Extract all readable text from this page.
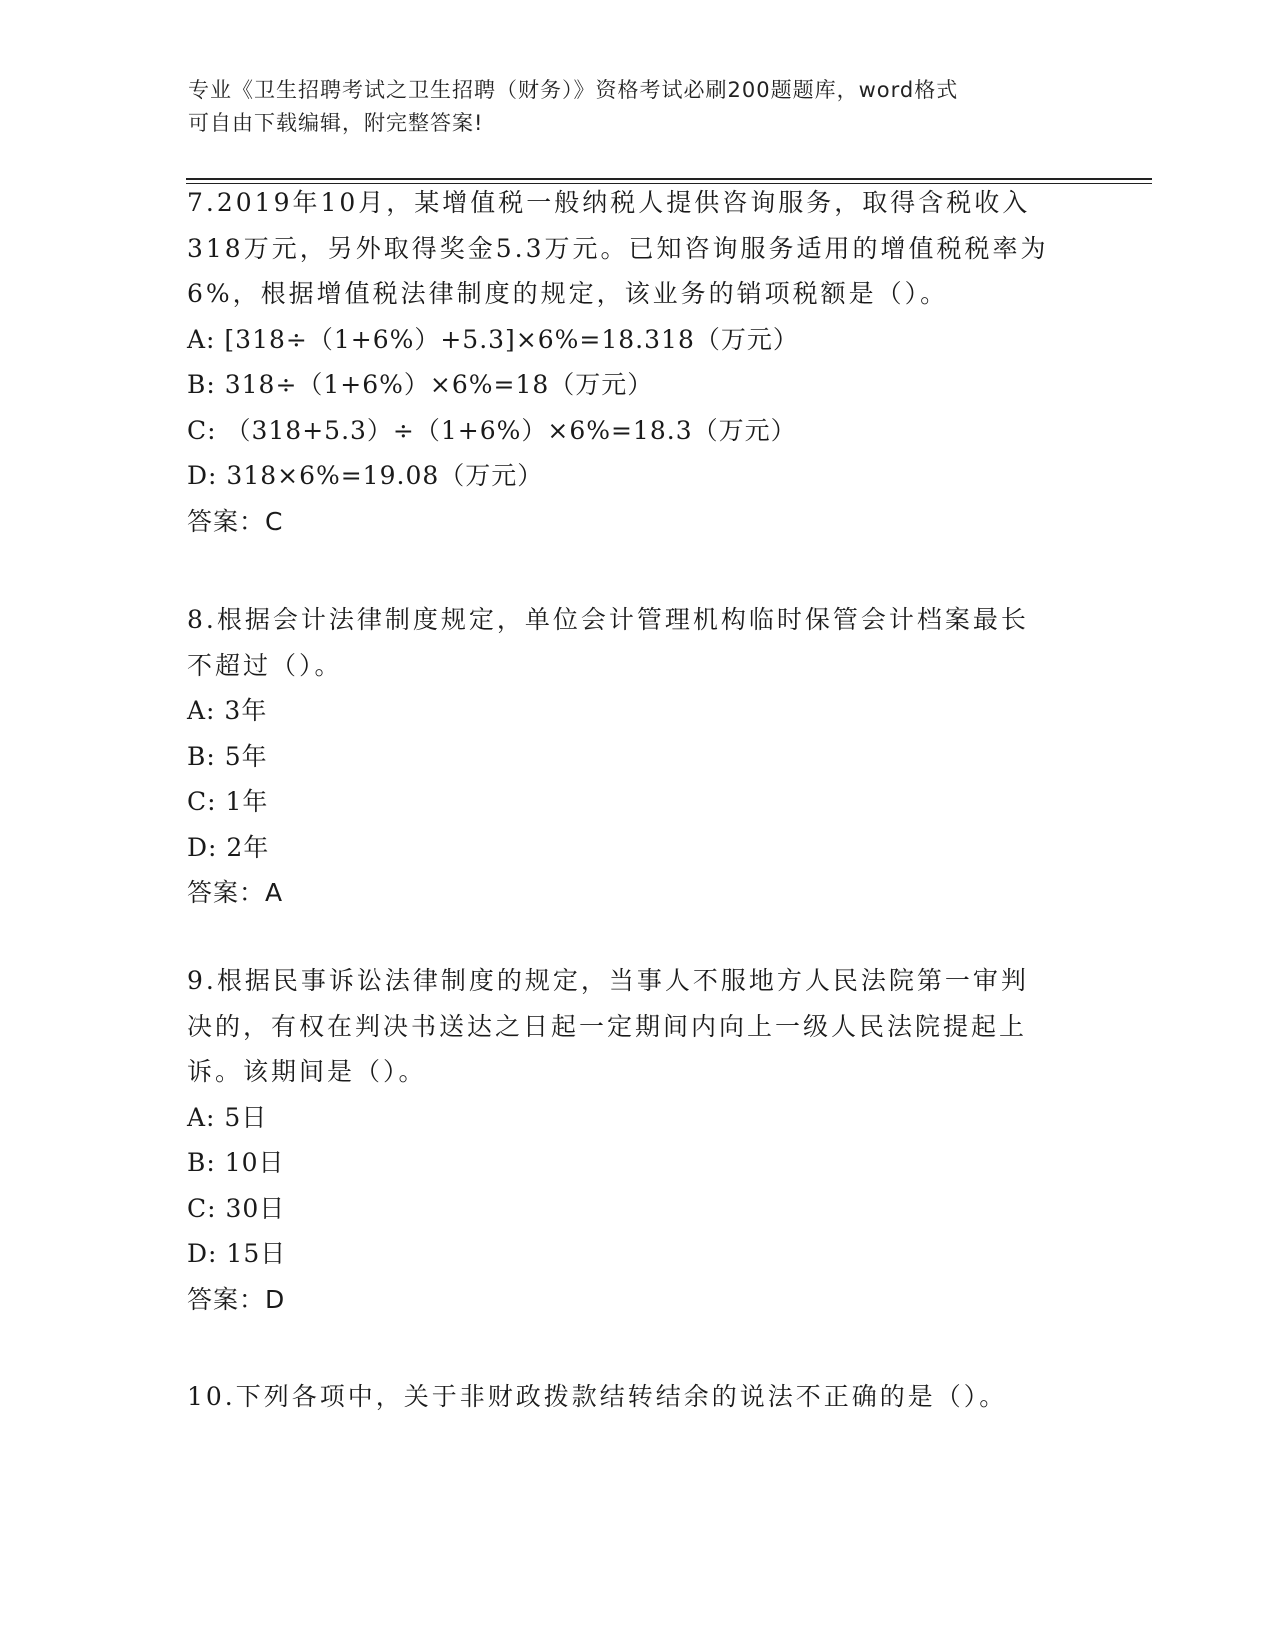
专业《卫生招聘考试之卫生招聘（财务）》资格考试必刷200题题库，word格式
可自由下载编辑，附完整答案!
7.2019年10月，某增值税一般纳税人提供咨询服务，取得含税收入
318万元，另外取得奖金5.3万元。已知咨询服务适用的增值税税率为
6%，根据增值税法律制度的规定，该业务的销项税额是（）。
A: [318÷（1+6%）+5.3]×6%=18.318（万元）
B: 318÷（1+6%）×6%=18（万元）
C: （318+5.3）÷（1+6%）×6%=18.3（万元）
D: 318×6%=19.08（万元）
答案：C
8.根据会计法律制度规定，单位会计管理机构临时保管会计档案最长
不超过（）。
A: 3年
B: 5年
C: 1年
D: 2年
答案：A
9.根据民事诉讼法律制度的规定，当事人不服地方人民法院第一审判
决的，有权在判决书送达之日起一定期间内向上一级人民法院提起上
诉。该期间是（）。
A: 5日
B: 10日
C: 30日
D: 15日
答案：D
10.下列各项中，关于非财政拨款结转结余的说法不正确的是（）。
